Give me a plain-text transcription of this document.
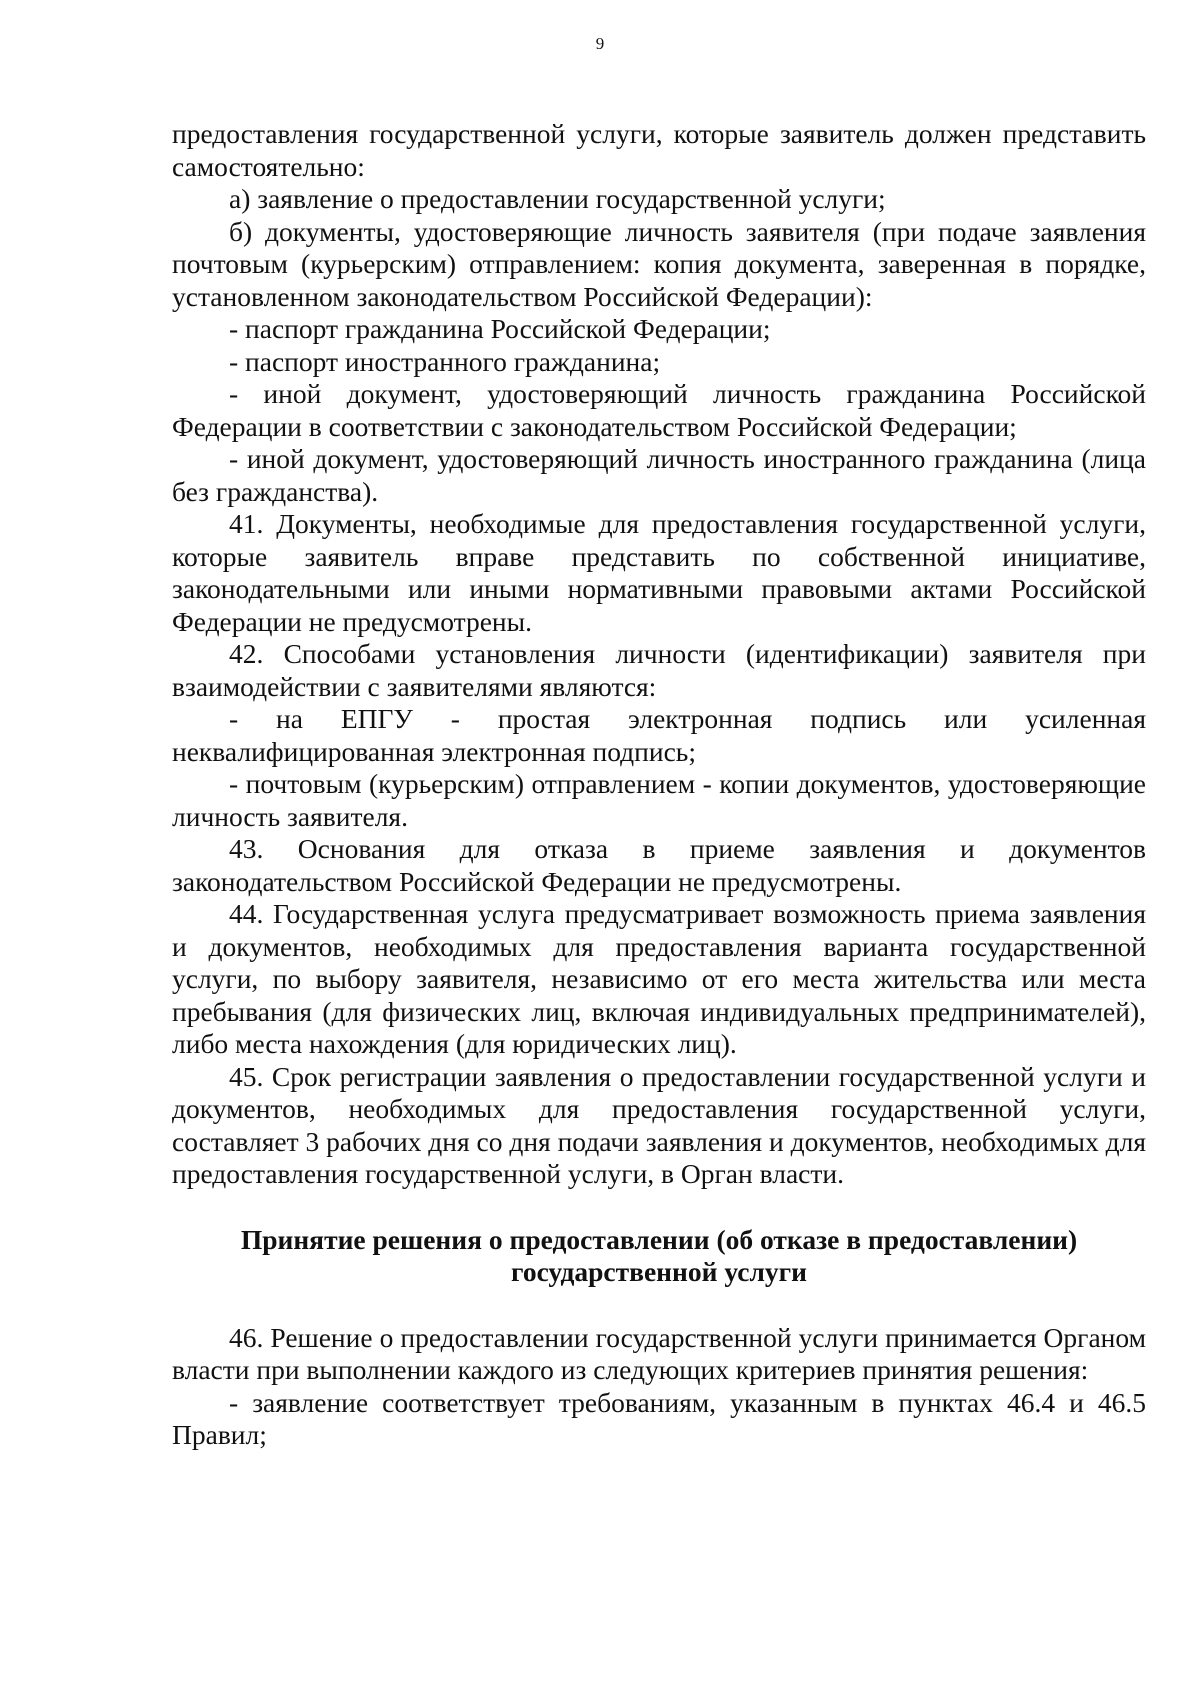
9

предоставления государственной услуги, которые заявитель должен представить самостоятельно:

а) заявление о предоставлении государственной услуги;

б) документы, удостоверяющие личность заявителя (при подаче заявления почтовым (курьерским) отправлением: копия документа, заверенная в порядке, установленном законодательством Российской Федерации):

- паспорт гражданина Российской Федерации;

- паспорт иностранного гражданина;

- иной документ, удостоверяющий личность гражданина Российской Федерации в соответствии с законодательством Российской Федерации;

- иной документ, удостоверяющий личность иностранного гражданина (лица без гражданства).

41. Документы, необходимые для предоставления государственной услуги, которые заявитель вправе представить по собственной инициативе, законодательными или иными нормативными правовыми актами Российской Федерации не предусмотрены.

42. Способами установления личности (идентификации) заявителя при взаимодействии с заявителями являются:

- на ЕПГУ - простая электронная подпись или усиленная неквалифицированная электронная подпись;

- почтовым (курьерским) отправлением - копии документов, удостоверяющие личность заявителя.

43. Основания для отказа в приеме заявления и документов законодательством Российской Федерации не предусмотрены.

44. Государственная услуга предусматривает возможность приема заявления и документов, необходимых для предоставления варианта государственной услуги, по выбору заявителя, независимо от его места жительства или места пребывания (для физических лиц, включая индивидуальных предпринимателей), либо места нахождения (для юридических лиц).

45. Срок регистрации заявления о предоставлении государственной услуги и документов, необходимых для предоставления государственной услуги, составляет 3 рабочих дня со дня подачи заявления и документов, необходимых для предоставления государственной услуги, в Орган власти.

Принятие решения о предоставлении (об отказе в предоставлении)
государственной услуги

46. Решение о предоставлении государственной услуги принимается Органом власти при выполнении каждого из следующих критериев принятия решения:

- заявление соответствует требованиям, указанным в пунктах 46.4 и 46.5 Правил;
